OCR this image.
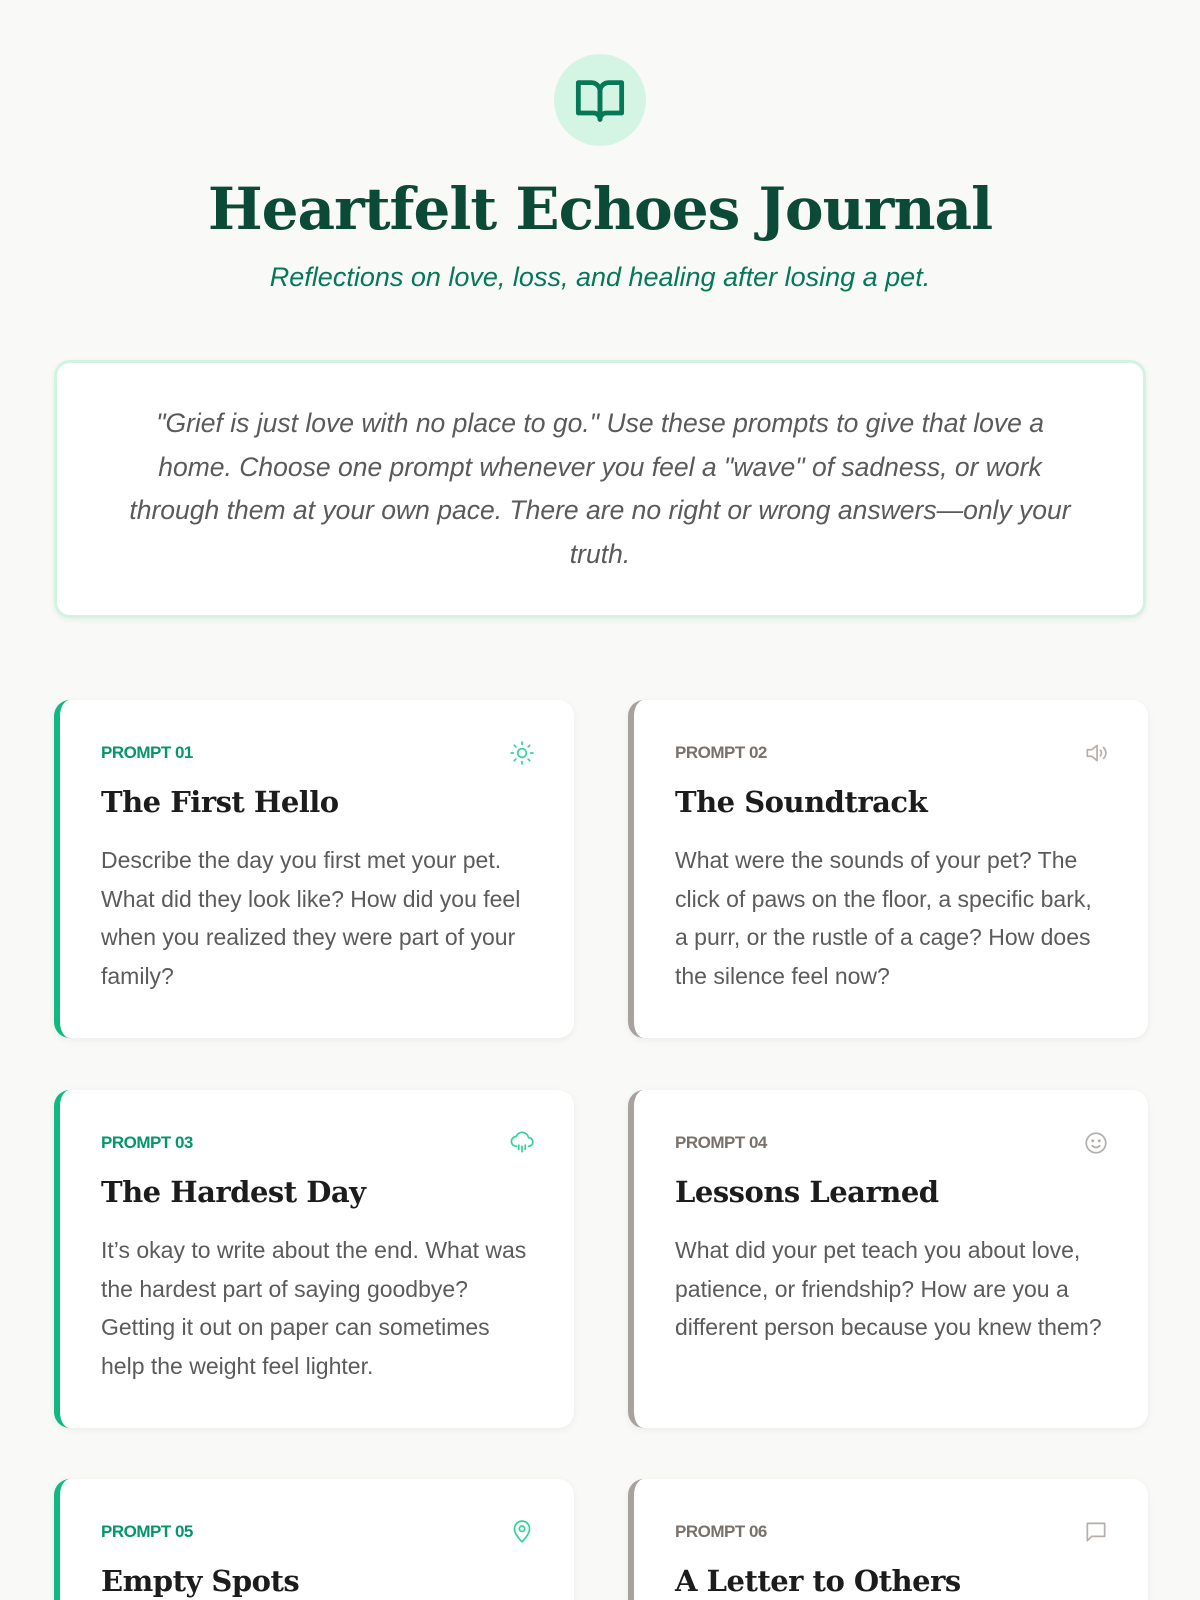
Heartfelt Echoes Journal

Reflections on love, loss, and healing after losing a pet.

"Grief is just love with no place to go." Use these prompts to give that love a home. Choose one prompt whenever you feel a "wave" of sadness, or work through them at your own pace. There are no right or wrong answers—only your truth.

PROMPT 01
The First Hello

Describe the day you first met your pet. What did they look like? How did you feel when you realized they were part of your family?

PROMPT 02
The Soundtrack

What were the sounds of your pet? The click of paws on the floor, a specific bark, a purr, or the rustle of a cage? How does the silence feel now?

PROMPT 03
The Hardest Day

It’s okay to write about the end. What was the hardest part of saying goodbye? Getting it out on paper can sometimes help the weight feel lighter.

PROMPT 04
Lessons Learned

What did your pet teach you about love, patience, or friendship? How are you a different person because you knew them?

PROMPT 05
Empty Spots

PROMPT 06
A Letter to Others
